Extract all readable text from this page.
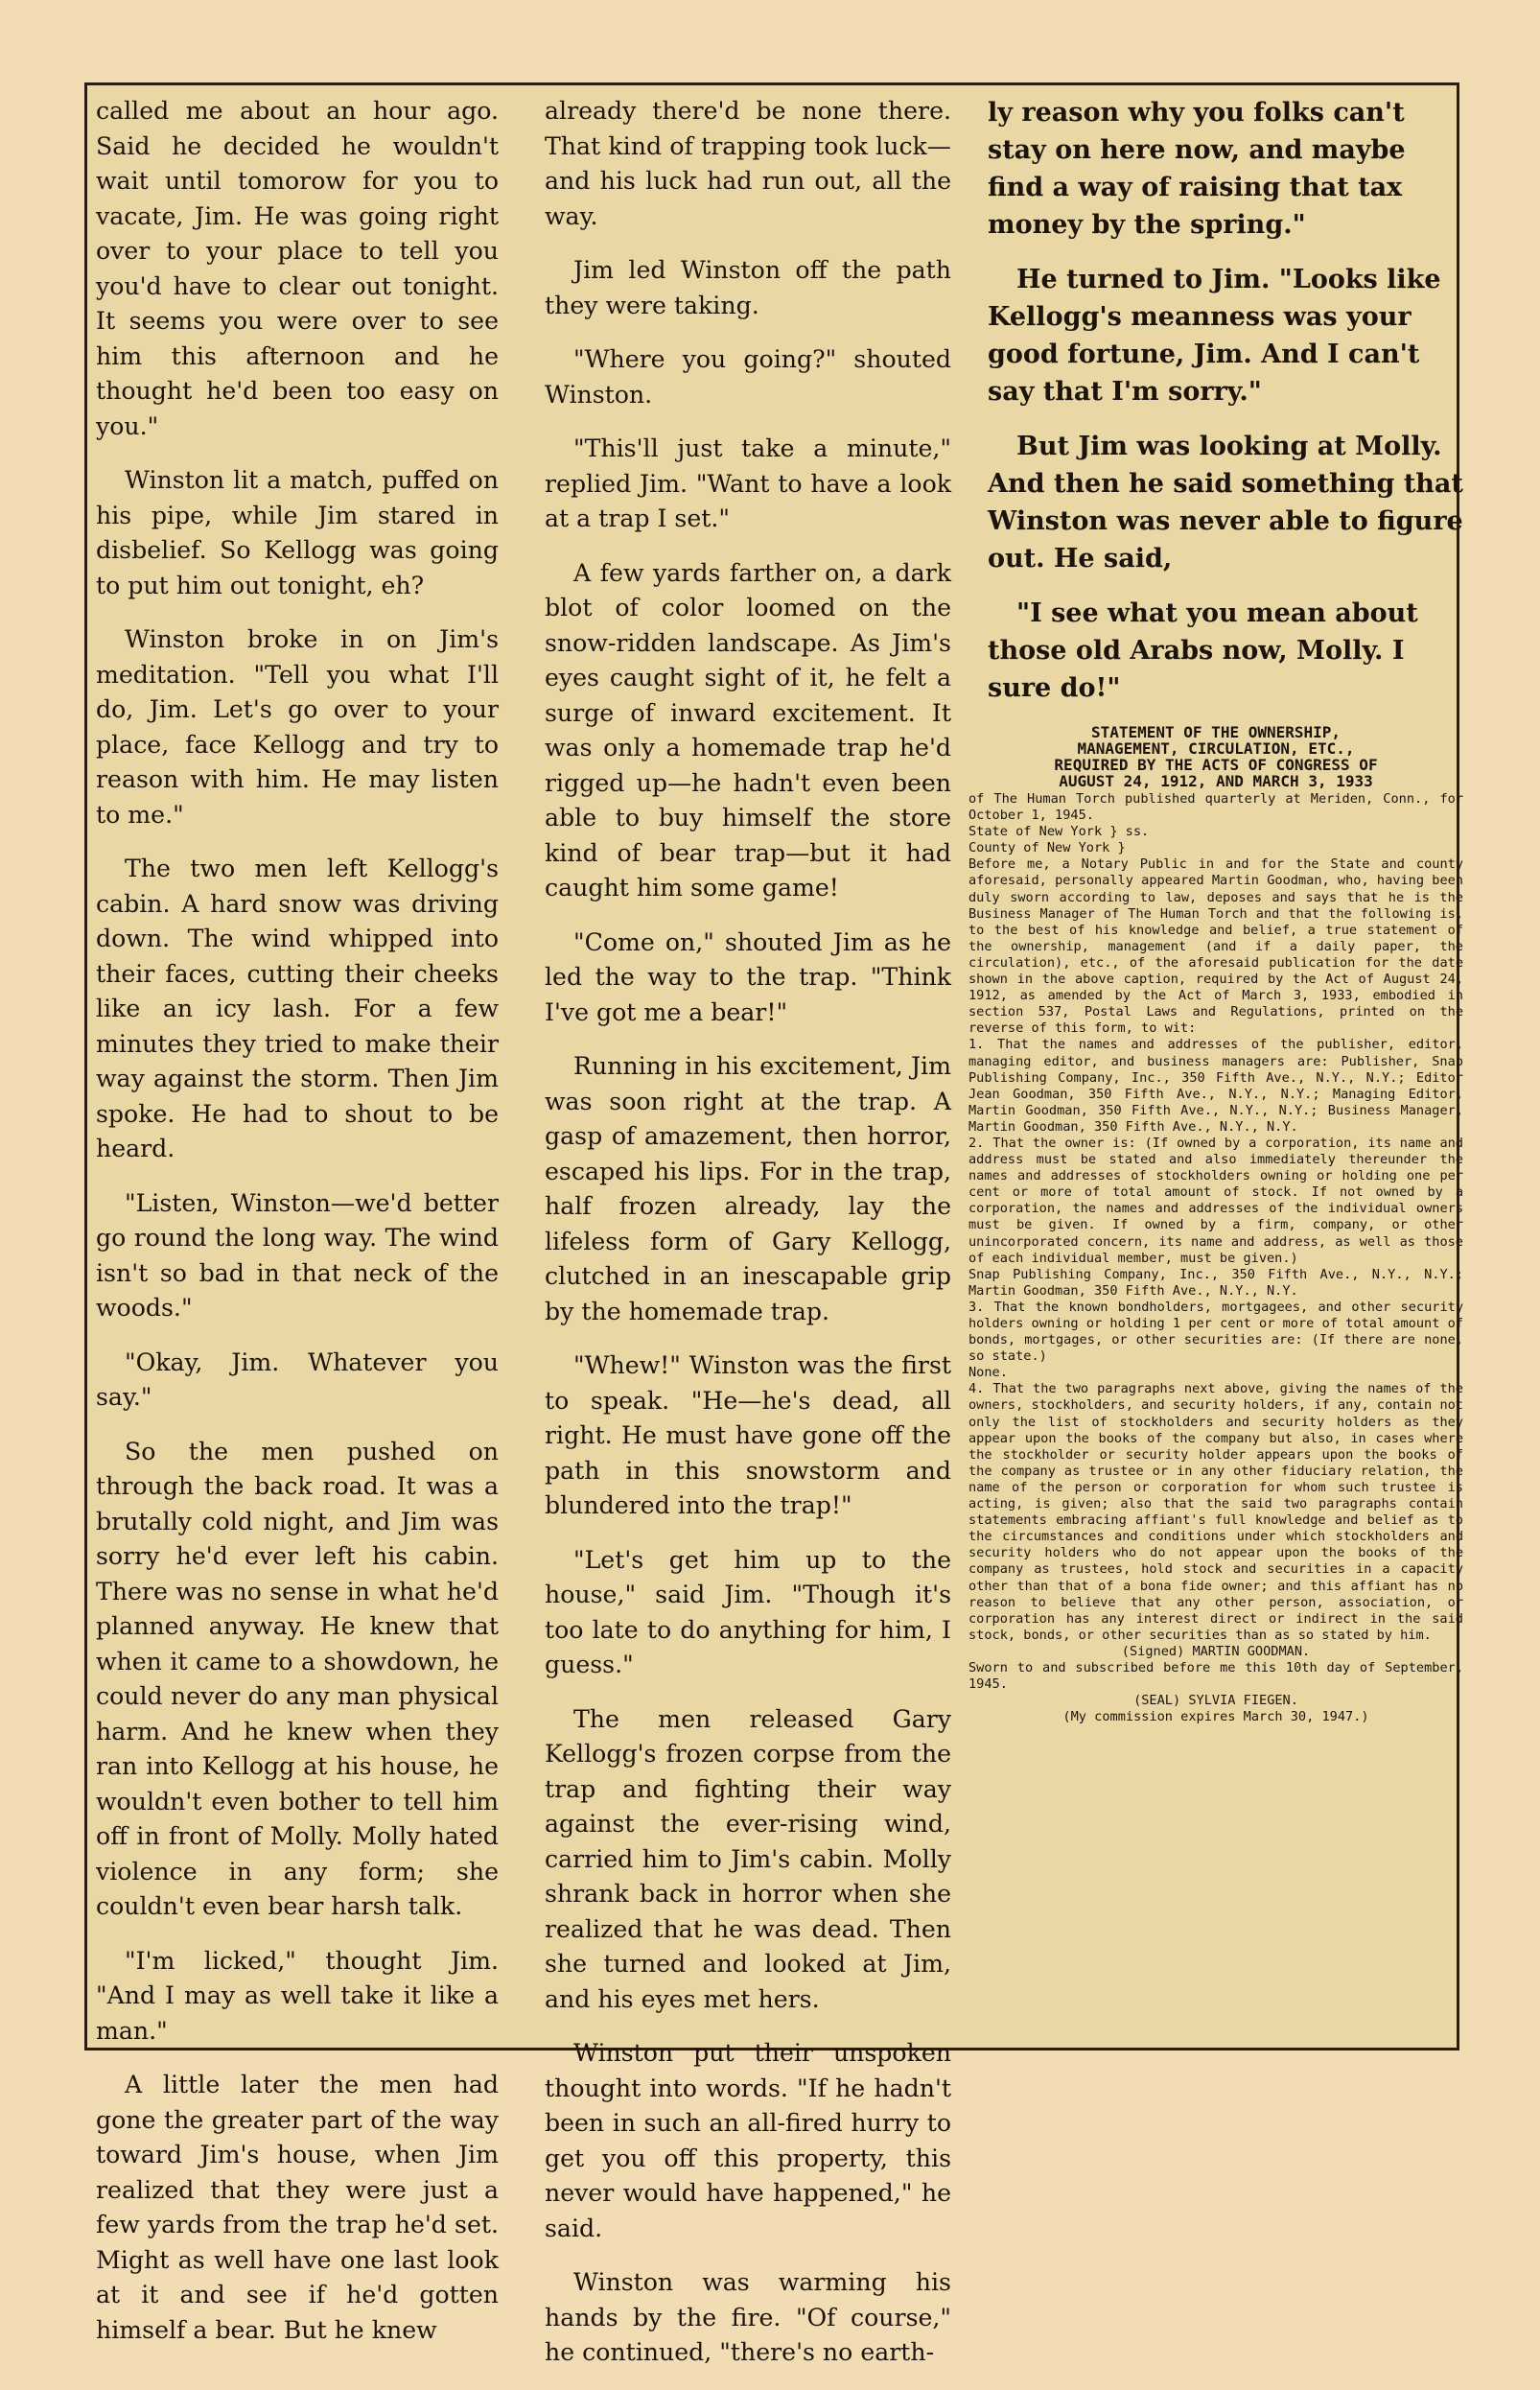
called me about an hour ago. Said he decided he wouldn't wait until tomorow for you to vacate, Jim. He was going right over to your place to tell you you'd have to clear out tonight. It seems you were over to see him this afternoon and he thought he'd been too easy on you."

Winston lit a match, puffed on his pipe, while Jim stared in disbelief. So Kellogg was going to put him out tonight, eh?

Winston broke in on Jim's meditation. "Tell you what I'll do, Jim. Let's go over to your place, face Kellogg and try to reason with him. He may listen to me."

The two men left Kellogg's cabin. A hard snow was driving down. The wind whipped into their faces, cutting their cheeks like an icy lash. For a few minutes they tried to make their way against the storm. Then Jim spoke. He had to shout to be heard.

"Listen, Winston—we'd better go round the long way. The wind isn't so bad in that neck of the woods."

"Okay, Jim. Whatever you say."

So the men pushed on through the back road. It was a brutally cold night, and Jim was sorry he'd ever left his cabin. There was no sense in what he'd planned anyway. He knew that when it came to a showdown, he could never do any man physical harm. And he knew when they ran into Kellogg at his house, he wouldn't even bother to tell him off in front of Molly. Molly hated violence in any form; she couldn't even bear harsh talk.

"I'm licked," thought Jim. "And I may as well take it like a man."

A little later the men had gone the greater part of the way toward Jim's house, when Jim realized that they were just a few yards from the trap he'd set. Might as well have one last look at it and see if he'd gotten himself a bear. But he knew

already there'd be none there. That kind of trapping took luck—and his luck had run out, all the way.

Jim led Winston off the path they were taking.

"Where you going?" shouted Winston.

"This'll just take a minute," replied Jim. "Want to have a look at a trap I set."

A few yards farther on, a dark blot of color loomed on the snow-ridden landscape. As Jim's eyes caught sight of it, he felt a surge of inward excitement. It was only a homemade trap he'd rigged up—he hadn't even been able to buy himself the store kind of bear trap—but it had caught him some game!

"Come on," shouted Jim as he led the way to the trap. "Think I've got me a bear!"

Running in his excitement, Jim was soon right at the trap. A gasp of amazement, then horror, escaped his lips. For in the trap, half frozen already, lay the lifeless form of Gary Kellogg, clutched in an inescapable grip by the homemade trap.

"Whew!" Winston was the first to speak. "He—he's dead, all right. He must have gone off the path in this snowstorm and blundered into the trap!"

"Let's get him up to the house," said Jim. "Though it's too late to do anything for him, I guess."

The men released Gary Kellogg's frozen corpse from the trap and fighting their way against the ever-rising wind, carried him to Jim's cabin. Molly shrank back in horror when she realized that he was dead. Then she turned and looked at Jim, and his eyes met hers.

Winston put their unspoken thought into words. "If he hadn't been in such an all-fired hurry to get you off this property, this never would have happened," he said.

Winston was warming his hands by the fire. "Of course," he continued, "there's no earth-

ly reason why you folks can't stay on here now, and maybe find a way of raising that tax money by the spring."

He turned to Jim. "Looks like Kellogg's meanness was your good fortune, Jim. And I can't say that I'm sorry."

But Jim was looking at Molly. And then he said something that Winston was never able to figure out. He said,

"I see what you mean about those old Arabs now, Molly. I sure do!"

STATEMENT OF THE OWNERSHIP,
MANAGEMENT, CIRCULATION, ETC.,
REQUIRED BY THE ACTS OF CONGRESS OF
AUGUST 24, 1912, AND MARCH 3, 1933

of The Human Torch published quarterly at Meriden, Conn., for October 1, 1945.
State of New York } ss.
County of New York }

Before me, a Notary Public in and for the State and county aforesaid, personally appeared Martin Goodman, who, having been duly sworn according to law, deposes and says that he is the Business Manager of The Human Torch and that the following is, to the best of his knowledge and belief, a true statement of the ownership, management (and if a daily paper, the circulation), etc., of the aforesaid publication for the date shown in the above caption, required by the Act of August 24, 1912, as amended by the Act of March 3, 1933, embodied in section 537, Postal Laws and Regulations, printed on the reverse of this form, to wit:

1. That the names and addresses of the publisher, editor, managing editor, and business managers are: Publisher, Snap Publishing Company, Inc., 350 Fifth Ave., N.Y., N.Y.; Editor Jean Goodman, 350 Fifth Ave., N.Y., N.Y.; Managing Editor, Martin Goodman, 350 Fifth Ave., N.Y., N.Y.; Business Manager, Martin Goodman, 350 Fifth Ave., N.Y., N.Y.

2. That the owner is: (If owned by a corporation, its name and address must be stated and also immediately thereunder the names and addresses of stockholders owning or holding one per cent or more of total amount of stock. If not owned by a corporation, the names and addresses of the individual owners must be given. If owned by a firm, company, or other unincorporated concern, its name and address, as well as those of each individual member, must be given.)

Snap Publishing Company, Inc., 350 Fifth Ave., N.Y., N.Y.; Martin Goodman, 350 Fifth Ave., N.Y., N.Y.

3. That the known bondholders, mortgagees, and other security holders owning or holding 1 per cent or more of total amount of bonds, mortgages, or other securities are: (If there are none, so state.)
None.

4. That the two paragraphs next above, giving the names of the owners, stockholders, and security holders, if any, contain not only the list of stockholders and security holders as they appear upon the books of the company but also, in cases where the stockholder or security holder appears upon the books of the company as trustee or in any other fiduciary relation, the name of the person or corporation for whom such trustee is acting, is given; also that the said two paragraphs contain statements embracing affiant's full knowledge and belief as to the circumstances and conditions under which stockholders and security holders who do not appear upon the books of the company as trustees, hold stock and securities in a capacity other than that of a bona fide owner; and this affiant has no reason to believe that any other person, association, or corporation has any interest direct or indirect in the said stock, bonds, or other securities than as so stated by him.

(Signed) MARTIN GOODMAN.

Sworn to and subscribed before me this 10th day of September, 1945.

(SEAL) SYLVIA FIEGEN.

(My commission expires March 30, 1947.)
